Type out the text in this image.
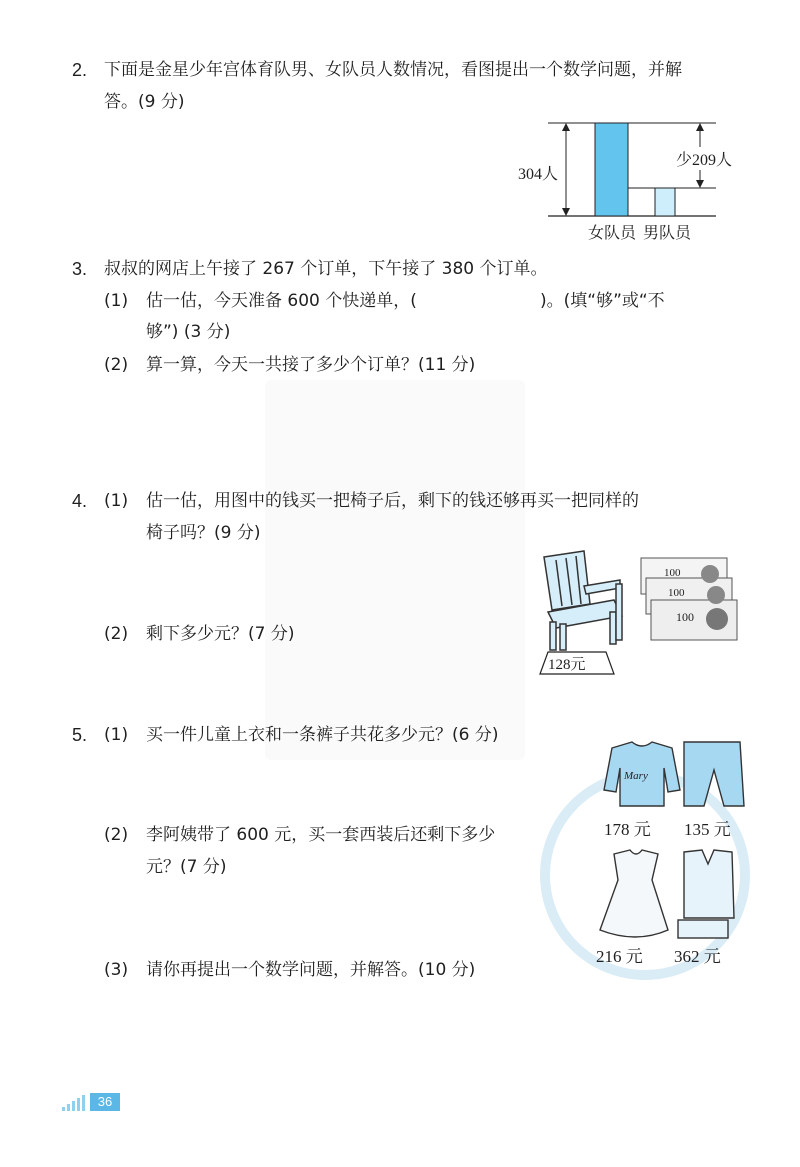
2. 下面是金星少年宫体育队男、女队员人数情况，看图提出一个数学问题，并解
答。(9 分)
304人
少209人
女队员 男队员
3. 叔叔的网店上午接了 267 个订单，下午接了 380 个订单。
(1) 估一估，今天准备 600 个快递单，(	)。(填“够”或“不
够”) (3 分)
(2) 算一算，今天一共接了多少个订单？(11 分)
4. (1) 估一估，用图中的钱买一把椅子后，剩下的钱还够再买一把同样的
椅子吗？(9 分)
(2) 剩下多少元？(7 分)
128元
100
100
100
5. (1) 买一件儿童上衣和一条裤子共花多少元？(6 分)
(2) 李阿姨带了 600 元，买一套西装后还剩下多少
元？(7 分)
(3) 请你再提出一个数学问题，并解答。(10 分)
Mary
178 元 135 元
216 元 362 元
36
